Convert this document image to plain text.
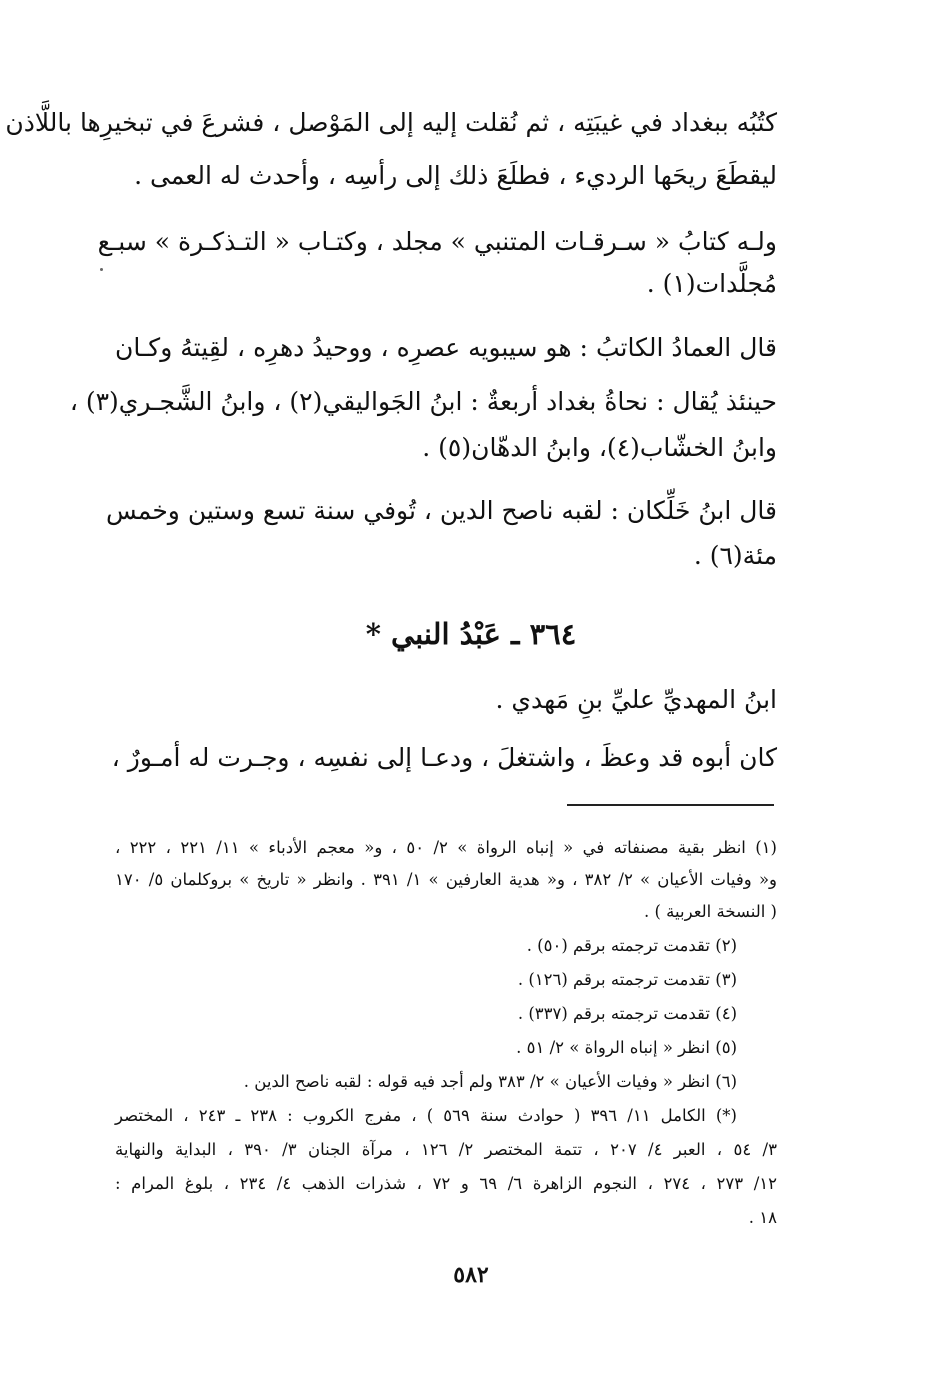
كتُبُه ببغداد في غيبَتِه ، ثم نُقلت إليه إلى المَوْصل ، فشرعَ في تبخيرِها باللَّاذن
ليقطَعَ ريحَها الرديء ، فطلَعَ ذلك إلى رأسِه ، وأحدث له العمى .
ولـه كتابُ « سـرقـات المتنبي » مجلد ، وكتـاب « التـذكـرة » سبـع
مُجلَّدات(١) .
قال العمادُ الكاتبُ : هو سيبويه عصرِه ، ووحيدُ دهرِه ، لقِيتهُ وكـان
حينئذ يُقال : نحاةُ بغداد أربعةٌ : ابنُ الجَواليقي(٢) ، وابنُ الشَّجـري(٣) ،
وابنُ الخشّاب(٤)، وابنُ الدهّان(٥) .
قال ابنُ خَلِّكان : لقبه ناصح الدين ، تُوفي سنة تسع وستين وخمس
مئة(٦) .
٣٦٤ ـ عَبْدُ النبي *
ابنُ المهديِّ عليِّ بنِ مَهدي .
كان أبوه قد وعظَ ، واشتغلَ ، ودعـا إلى نفسِه ، وجـرت له أمـورٌ ،
(١) انظر بقية مصنفاته في « إنباه الرواة » ٢/ ٥٠ ، و« معجم الأدباء » ١١/ ٢٢١ ، ٢٢٢ ،
و« وفيات الأعيان » ٢/ ٣٨٢ ، و« هدية العارفين » ١/ ٣٩١ . وانظر « تاريخ » بروكلمان ٥/ ١٧٠
( النسخة العربية ) .
(٢) تقدمت ترجمته برقم (٥٠) .
(٣) تقدمت ترجمته برقم (١٢٦) .
(٤) تقدمت ترجمته برقم (٣٣٧) .
(٥) انظر « إنباه الرواة » ٢/ ٥١ .
(٦) انظر « وفيات الأعيان » ٢/ ٣٨٣ ولم أجد فيه قوله : لقبه ناصح الدين .
(*) الكامل ١١/ ٣٩٦ ( حوادث سنة ٥٦٩ ) ، مفرج الكروب : ٢٣٨ ـ ٢٤٣ ، المختصر
٣/ ٥٤ ، العبر ٤/ ٢٠٧ ، تتمة المختصر ٢/ ١٢٦ ، مرآة الجنان ٣/ ٣٩٠ ، البداية والنهاية
١٢/ ٢٧٣ ، ٢٧٤ ، النجوم الزاهرة ٦/ ٦٩ و ٧٢ ، شذرات الذهب ٤/ ٢٣٤ ، بلوغ المرام :
١٨ .
٥٨٢
